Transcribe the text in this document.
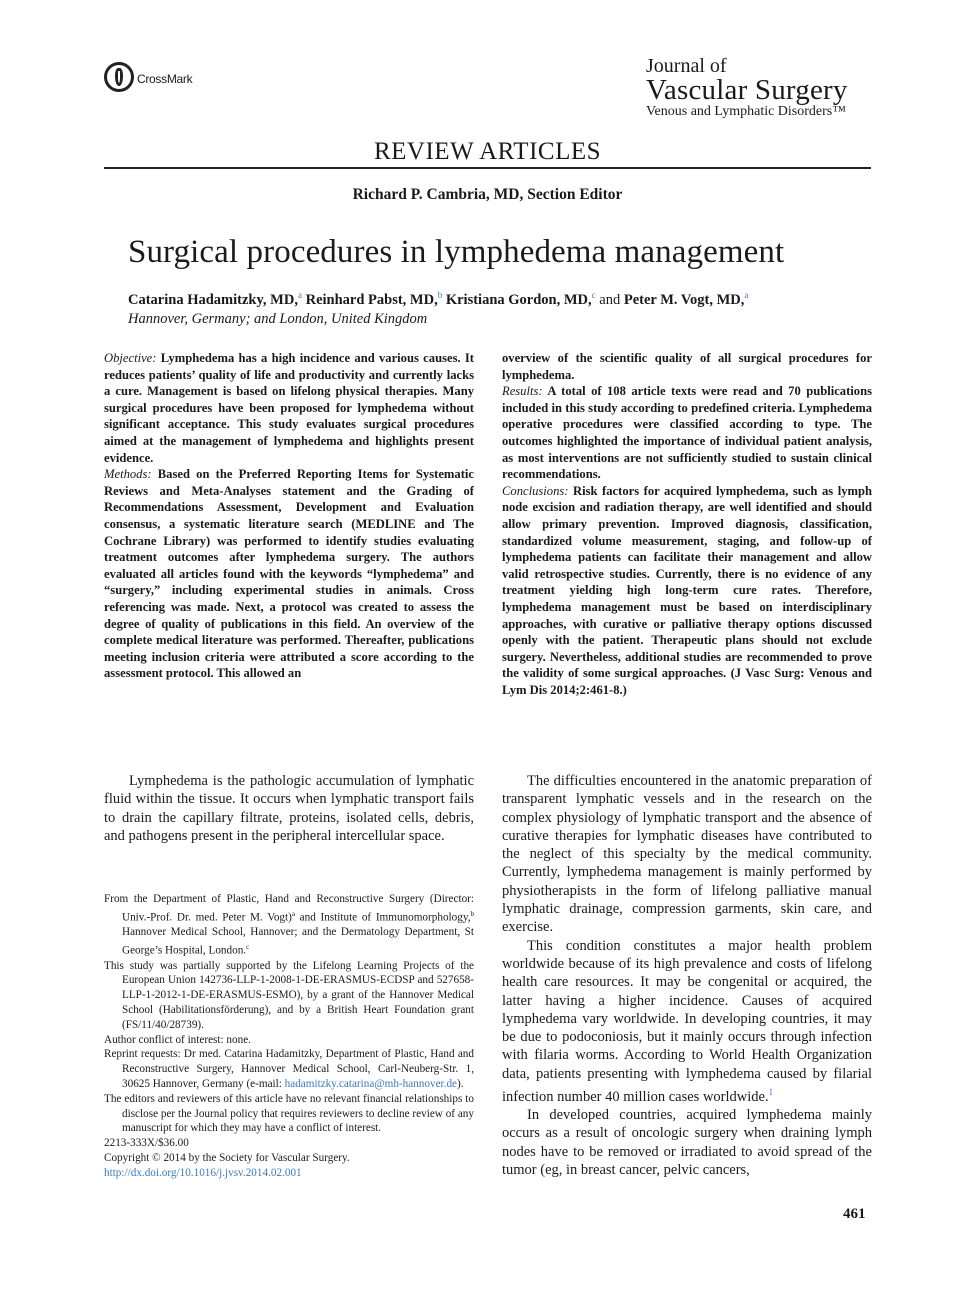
CrossMark
Journal of
Vascular Surgery
Venous and Lymphatic Disorders™
REVIEW ARTICLES
Richard P. Cambria, MD, Section Editor
Surgical procedures in lymphedema management
Catarina Hadamitzky, MD,$^a$ Reinhard Pabst, MD,$^b$ Kristiana Gordon, MD,$^c$ and Peter M. Vogt, MD,$^a$
Hannover, Germany; and London, United Kingdom

Objective: Lymphedema has a high incidence and various causes. It reduces patients’ quality of life and productivity and currently lacks a cure. Management is based on lifelong physical therapies. Many surgical procedures have been proposed for lymphedema without significant acceptance. This study evaluates surgical procedures aimed at the management of lymphedema and highlights present evidence.

Methods: Based on the Preferred Reporting Items for Systematic Reviews and Meta-Analyses statement and the Grading of Recommendations Assessment, Development and Evaluation consensus, a systematic literature search (MEDLINE and The Cochrane Library) was performed to identify studies evaluating treatment outcomes after lymphedema surgery. The authors evaluated all articles found with the keywords “lymphedema” and “surgery,” including experimental studies in animals. Cross referencing was made. Next, a protocol was created to assess the degree of quality of publications in this field. An overview of the complete medical literature was performed. Thereafter, publications meeting inclusion criteria were attributed a score according to the assessment protocol. This allowed an

overview of the scientific quality of all surgical procedures for lymphedema.

Results: A total of 108 article texts were read and 70 publications included in this study according to predefined criteria. Lymphedema operative procedures were classified according to type. The outcomes highlighted the importance of individual patient analysis, as most interventions are not sufficiently studied to sustain clinical recommendations.

Conclusions: Risk factors for acquired lymphedema, such as lymph node excision and radiation therapy, are well identified and should allow primary prevention. Improved diagnosis, classification, standardized volume measurement, staging, and follow-up of lymphedema patients can facilitate their management and allow valid retrospective studies. Currently, there is no evidence of any treatment yielding high long-term cure rates. Therefore, lymphedema management must be based on interdisciplinary approaches, with curative or palliative therapy options discussed openly with the patient. Therapeutic plans should not exclude surgery. Nevertheless, additional studies are recommended to prove the validity of some surgical approaches. (J Vasc Surg: Venous and Lym Dis 2014;2:461-8.)

Lymphedema is the pathologic accumulation of lymphatic fluid within the tissue. It occurs when lymphatic transport fails to drain the capillary filtrate, proteins, isolated cells, debris, and pathogens present in the peripheral intercellular space.

The difficulties encountered in the anatomic preparation of transparent lymphatic vessels and in the research on the complex physiology of lymphatic transport and the absence of curative therapies for lymphatic diseases have contributed to the neglect of this specialty by the medical community. Currently, lymphedema management is mainly performed by physiotherapists in the form of lifelong palliative manual lymphatic drainage, compression garments, skin care, and exercise.

This condition constitutes a major health problem worldwide because of its high prevalence and costs of lifelong health care resources. It may be congenital or acquired, the latter having a higher incidence. Causes of acquired lymphedema vary worldwide. In developing countries, it may be due to podoconiosis, but it mainly occurs through infection with filaria worms. According to World Health Organization data, patients presenting with lymphedema caused by filarial infection number 40 million cases worldwide.$^1$

In developed countries, acquired lymphedema mainly occurs as a result of oncologic surgery when draining lymph nodes have to be removed or irradiated to avoid spread of the tumor (eg, in breast cancer, pelvic cancers,

From the Department of Plastic, Hand and Reconstructive Surgery (Director: Univ.-Prof. Dr. med. Peter M. Vogt)$^a$ and Institute of Immunomorphology,$^b$ Hannover Medical School, Hannover; and the Dermatology Department, St George’s Hospital, London.$^c$

This study was partially supported by the Lifelong Learning Projects of the European Union 142736-LLP-1-2008-1-DE-ERASMUS-ECDSP and 527658-LLP-1-2012-1-DE-ERASMUS-ESMO), by a grant of the Hannover Medical School (Habilitationsförderung), and by a British Heart Foundation grant (FS/11/40/28739).

Author conflict of interest: none.

Reprint requests: Dr med. Catarina Hadamitzky, Department of Plastic, Hand and Reconstructive Surgery, Hannover Medical School, Carl-Neuberg-Str. 1, 30625 Hannover, Germany (e-mail: hadamitzky.catarina@mh-hannover.de).

The editors and reviewers of this article have no relevant financial relationships to disclose per the Journal policy that requires reviewers to decline review of any manuscript for which they may have a conflict of interest.

2213-333X/$36.00

Copyright © 2014 by the Society for Vascular Surgery.

http://dx.doi.org/10.1016/j.jvsv.2014.02.001

461
